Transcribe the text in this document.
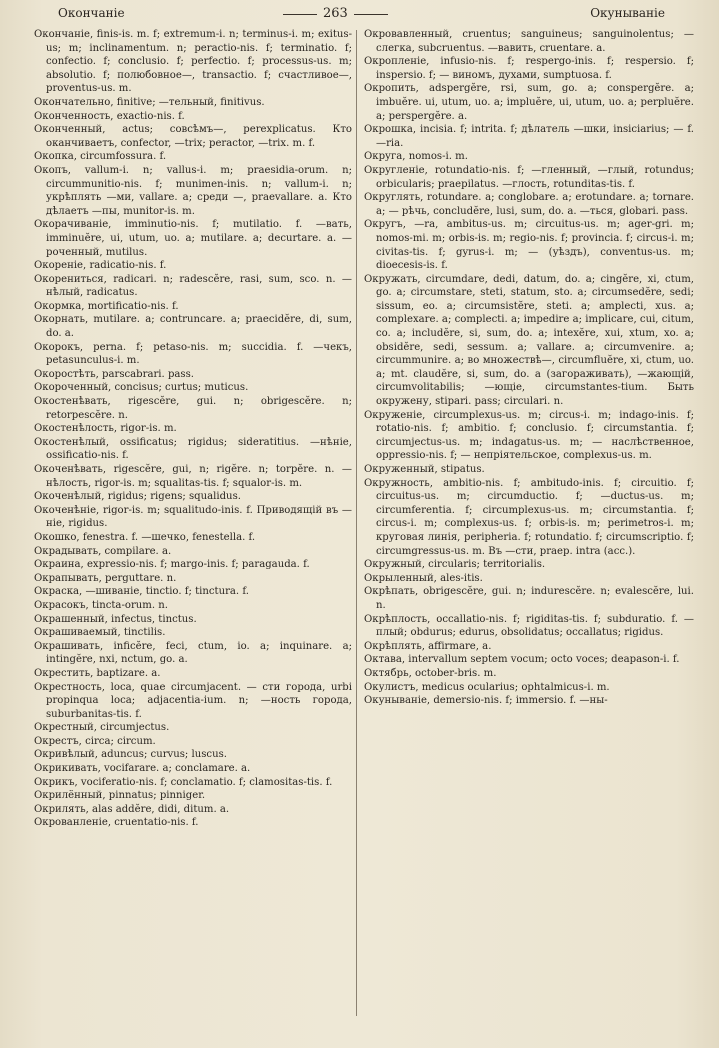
Окончаніе	263	Окунываніе

Окончаніе, finis-is. m. f; extremum-i. n; terminus-i. m; exitus-us; m; inclinamentum. n; peractio-nis. f; terminatio. f; confectio. f; conclusio. f; perfectio. f; processus-us. m; absolutio. f; полюбовное—, transactio. f; счастливое—, proventus-us. m.

Окончательно, finitive; —тельный, finitivus.

Оконченность, exactio-nis. f.

Оконченный, actus; совсѣмъ—, perexplicatus. Кто оканчиваетъ, confector, —trix; peractor, —trix. m. f.

Окопка, circumfossura. f.

Окопъ, vallum-i. n; vallus-i. m; praesidia-orum. n; circummunitio-nis. f; munimen-inis. n; vallum-i. n; укрѣплять —ми, vallare. a; среди —, praevallare. a. Кто дѣлаетъ —пы, munitor-is. m.

Окорачиваніе, imminutio-nis. f; mutilatio. f. —вать, imminuĕre, ui, utum, uo. a; mutilare. a; decurtare. a. —роченный, mutilus.

Окореніе, radicatio-nis. f.

Окорениться, radicari. n; radescĕre, rasi, sum, sco. n. —нѣлый, radicatus.

Окормка, mortificatio-nis. f.

Окорнать, mutilare. a; contruncare. a; praecidĕre, di, sum, do. a.

Окорокъ, perna. f; petaso-nis. m; succidia. f. —чекъ, petasunculus-i. m.

Окоростѣть, parscabrari. pass.

Окороченный, concisus; curtus; muticus.

Окостенѣвать, rigescĕre, gui. n; obrigescĕre. n; retorpescĕre. n.

Окостенѣлость, rigor-is. m.

Окостенѣлый, ossificatus; rigidus; sideratitius. —нѣніе, ossificatio-nis. f.

Окоченѣвать, rigescĕre, gui, n; rigĕre. n; torpĕre. n. —нѣлость, rigor-is. m; squalitas-tis. f; squalor-is. m.

Окоченѣлый, rigidus; rigens; squalidus.

Окоченѣніе, rigor-is. m; squalitudo-inis. f. Приводящій въ —ніе, rigidus.

Окошко, fenestra. f. —шечко, fenestella. f.

Окрадывать, compilare. a.

Окраина, expressio-nis. f; margo-inis. f; paragauda. f.

Окрапывать, perguttare. n.

Окраска, —шиваніе, tinctio. f; tinctura. f.

Окрасокъ, tincta-orum. n.

Окрашенный, infectus, tinctus.

Окрашиваемый, tinctilis.

Окрашивать, inficĕre, feci, ctum, io. a; inquinare. a; intingĕre, nxi, nctum, go. a.

Окрестить, baptizare. a.

Окрестность, loca, quae circumjacent. — сти города, urbi propinqua loca; adjacentia-ium. n; —ность города, suburbanitas-tis. f.

Окрестный, circumjectus.

Окрестъ, circa; circum.

Окривѣлый, aduncus; curvus; luscus.

Окрикивать, vocifarare. a; conclamare. a.

Окрикъ, vociferatio-nis. f; conclamatio. f; clamositas-tis. f.

Окрилённый, pinnatus; pinniger.

Окрилять, alas addĕre, didi, ditum. a.

Окрованленіе, cruentatio-nis. f.

Окровавленный, cruentus; sanguineus; sanguinolentus; — слегка, subcruentus. —вавить, cruentare. a.

Окропленіе, infusio-nis. f; respergo-inis. f; respersio. f; inspersio. f; — виномъ, духами, sumptuosa. f.

Окропить, adspergĕre, rsi, sum, go. a; conspergĕre. a; imbuĕre. ui, utum, uo. a; impluĕre, ui, utum, uo. a; perpluĕre. a; perspergĕre. a.

Окрошка, incisia. f; intrita. f; дѣлатель —шки, insiciarius; — f. —ria.

Округа, nomos-i. m.

Округленіе, rotundatio-nis. f; —гленный, —глый, rotundus; orbicularis; praepilatus. —глость, rotunditas-tis. f.

Округлять, rotundare. a; conglobare. a; erotundare. a; tornare. a; — рѣчь, concludĕre, lusi, sum, do. a. —ться, globari. pass.

Округъ, —ra, ambitus-us. m; circuitus-us. m; ager-gri. m; nomos-mi. m; orbis-is. m; regio-nis. f; provincia. f; circus-i. m; civitas-tis. f; gyrus-i. m; — (уѣздъ), conventus-us. m; dioecesis-is. f.

Окружать, circumdare, dedi, datum, do. a; cingĕre, xi, ctum, go. a; circumstare, steti, statum, sto. a; circumsedĕre, sedi; sissum, eo. a; circumsistĕre, steti. a; amplecti, xus. a; complexare. a; complecti. a; impedire a; implicare, cui, citum, co. a; includĕre, si, sum, do. a; intexĕre, xui, xtum, xo. a; obsidĕre, sedi, sessum. a; vallare. a; circumvenire. a; circummunire. a; во множествѣ—, circumfluĕre, xi, ctum, uo. a; mt. claudĕre, si, sum, do. a (загораживать), —жающій, circumvolitabilis; —ющіе, circumstantes-tium. Быть окружену, stipari. pass; circulari. n.

Окруженіе, circumplexus-us. m; circus-i. m; indago-inis. f; rotatio-nis. f; ambitio. f; conclusio. f; circumstantia. f; circumjectus-us. m; indagatus-us. m; — наслѣственное, oppressio-nis. f; — непріятельское, complexus-us. m.

Окруженный, stipatus.

Окружность, ambitio-nis. f; ambitudo-inis. f; circuitio. f; circuitus-us. m; circumductio. f; —ductus-us. m; circumferentia. f; circumplexus-us. m; circumstantia. f; circus-i. m; complexus-us. f; orbis-is. m; perimetros-i. m; круговая линія, peripheria. f; rotundatio. f; circumscriptio. f; circumgressus-us. m. Въ —сти, praep. intra (acc.).

Окружный, circularis; territorialis.

Окрыленный, ales-itis.

Окрѣпать, obrigescĕre, gui. n; indurescĕre. n; evalescĕre, lui. n.

Окрѣплость, occallatio-nis. f; rigiditas-tis. f; subduratio. f. —плый; obdurus; edurus, obsolidatus; occallatus; rigidus.

Окрѣплять, affirmare, a.

Октава, intervallum septem vocum; octo voces; deapason-i. f.

Октябрь, october-bris. m.

Окулистъ, medicus ocularius; ophtalmicus-i. m.

Окунываніе, demersio-nis. f; immersio. f. —ны-
